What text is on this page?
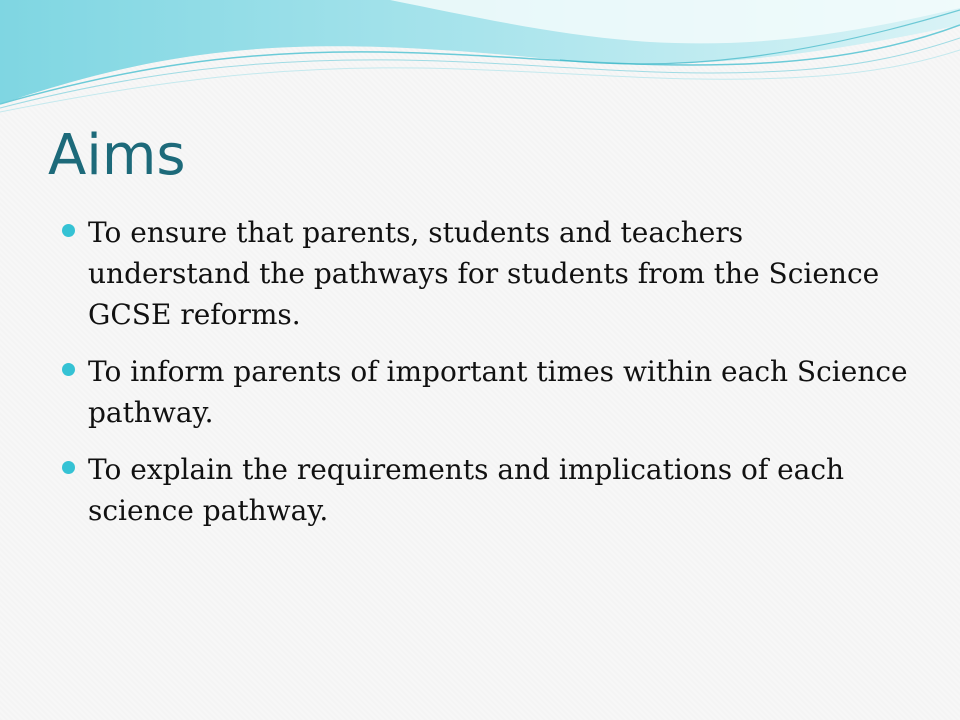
Aims
To ensure that parents, students and teachers understand the pathways for students from the Science GCSE reforms.
To inform parents of important times within each Science pathway.
To explain the requirements and implications of each science pathway.
